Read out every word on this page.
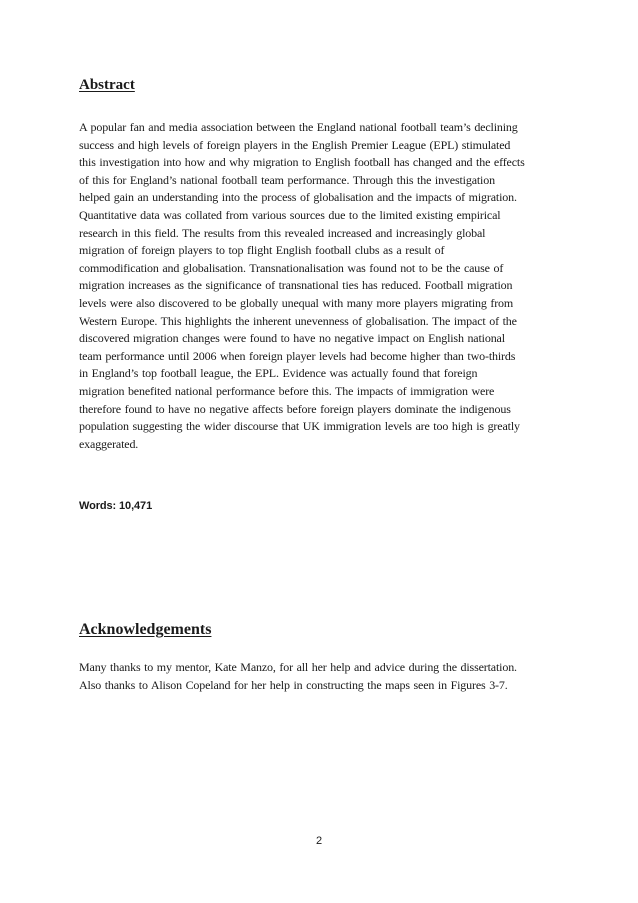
Abstract
A popular fan and media association between the England national football team’s declining
success and high levels of foreign players in the English Premier League (EPL) stimulated
this investigation into how and why migration to English football has changed and the effects
of this for England’s national football team performance. Through this the investigation
helped gain an understanding into the process of globalisation and the impacts of migration.
Quantitative data was collated from various sources due to the limited existing empirical
research in this field. The results from this revealed increased and increasingly global
migration of foreign players to top flight English football clubs as a result of
commodification and globalisation. Transnationalisation was found not to be the cause of
migration increases as the significance of transnational ties has reduced. Football migration
levels were also discovered to be globally unequal with many more players migrating from
Western Europe. This highlights the inherent unevenness of globalisation. The impact of the
discovered migration changes were found to have no negative impact on English national
team performance until 2006 when foreign player levels had become higher than two-thirds
in England’s top football league, the EPL. Evidence was actually found that foreign
migration benefited national performance before this. The impacts of immigration were
therefore found to have no negative affects before foreign players dominate the indigenous
population suggesting the wider discourse that UK immigration levels are too high is greatly
exaggerated.

Words: 10,471

Acknowledgements
Many thanks to my mentor, Kate Manzo, for all her help and advice during the dissertation.
Also thanks to Alison Copeland for her help in constructing the maps seen in Figures 3-7.
2
